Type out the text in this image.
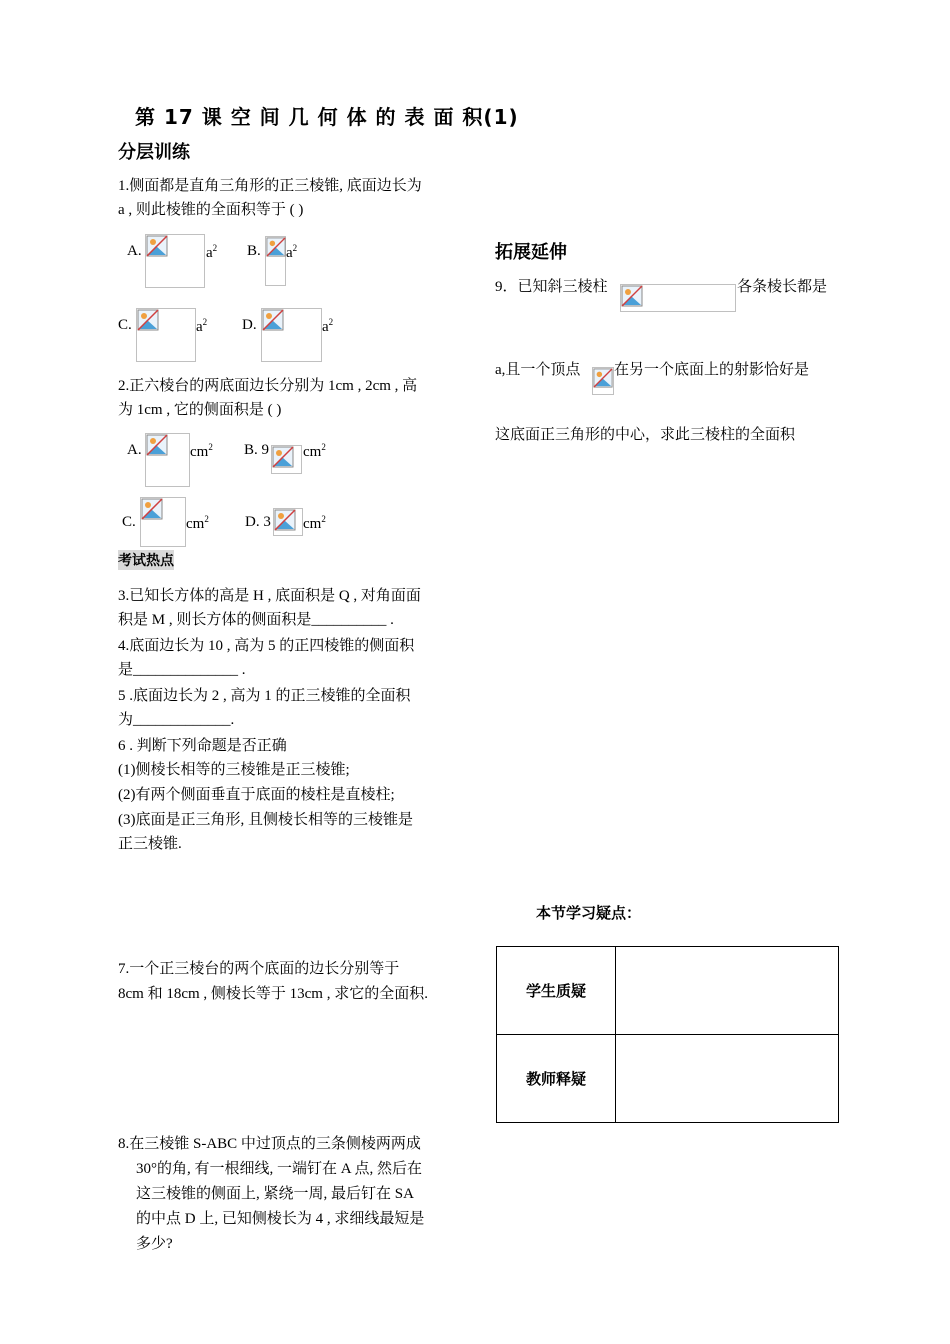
第 17 课 空 间 几 何 体 的 表 面 积(1)
分层训练
1.侧面都是直角三角形的正三棱锥, 底面边长为
a , 则此棱锥的全面积等于 ( )
A.	$a^2$ B. $a^2$
C.	$a^2$ D.	$a^2$
2.正六棱台的两底面边长分别为 1cm , 2cm , 高
为 1cm , 它的侧面积是 ( )
A.	$cm^2$ B. 9 $cm^2$
C.	$cm^2$ D. 3 $cm^2$
考试热点
3.已知长方体的高是 H , 底面积是 Q , 对角面面
积是 M , 则长方体的侧面积是__________ .
4.底面边长为 10 , 高为 5 的正四棱锥的侧面积
是______________ .
5 .底面边长为 2 , 高为 1 的正三棱锥的全面积
为_____________.
6 . 判断下列命题是否正确
(1)侧棱长相等的三棱锥是正三棱锥;
(2)有两个侧面垂直于底面的棱柱是直棱柱;
(3)底面是正三角形, 且侧棱长相等的三棱锥是
正三棱锥.
7.一个正三棱台的两个底面的边长分别等于
8cm 和 18cm , 侧棱长等于 13cm , 求它的全面积.
8.在三棱锥 S-ABC 中过顶点的三条侧棱两两成
30°的角, 有一根细线, 一端钉在 A 点, 然后在
这三棱锥的侧面上, 紧绕一周, 最后钉在 SA
的中点 D 上, 已知侧棱长为 4 , 求细线最短是
多少?
拓展延伸
9．已知斜三棱柱	各条棱长都是
a,且一个顶点 在另一个底面上的射影恰好是
这底面正三角形的中心，求此三棱柱的全面积
本节学习疑点：
学生质疑	
教师释疑	
